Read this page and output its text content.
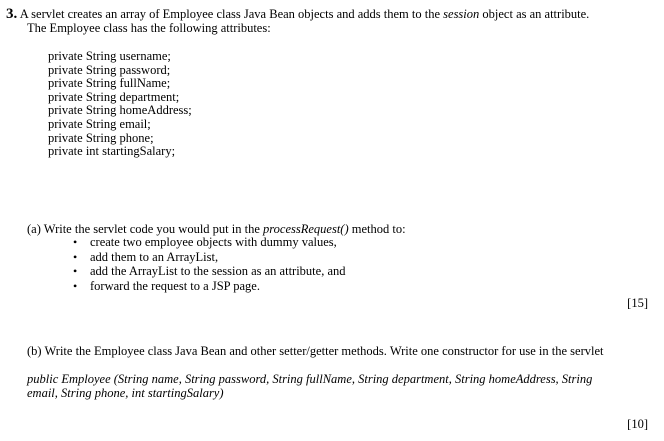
3. A servlet creates an array of Employee class Java Bean objects and adds them to the session object as an attribute.
The Employee class has the following attributes:
private String username;
private String password;
private String fullName;
private String department;
private String homeAddress;
private String email;
private String phone;
private int startingSalary;
(a) Write the servlet code you would put in the processRequest() method to:
• create two employee objects with dummy values,
• add them to an ArrayList,
• add the ArrayList to the session as an attribute, and
• forward the request to a JSP page.
[15]
(b) Write the Employee class Java Bean and other setter/getter methods. Write one constructor for use in the servlet
public Employee (String name, String password, String fullName, String department, String homeAddress, String
email, String phone, int startingSalary)
[10]
